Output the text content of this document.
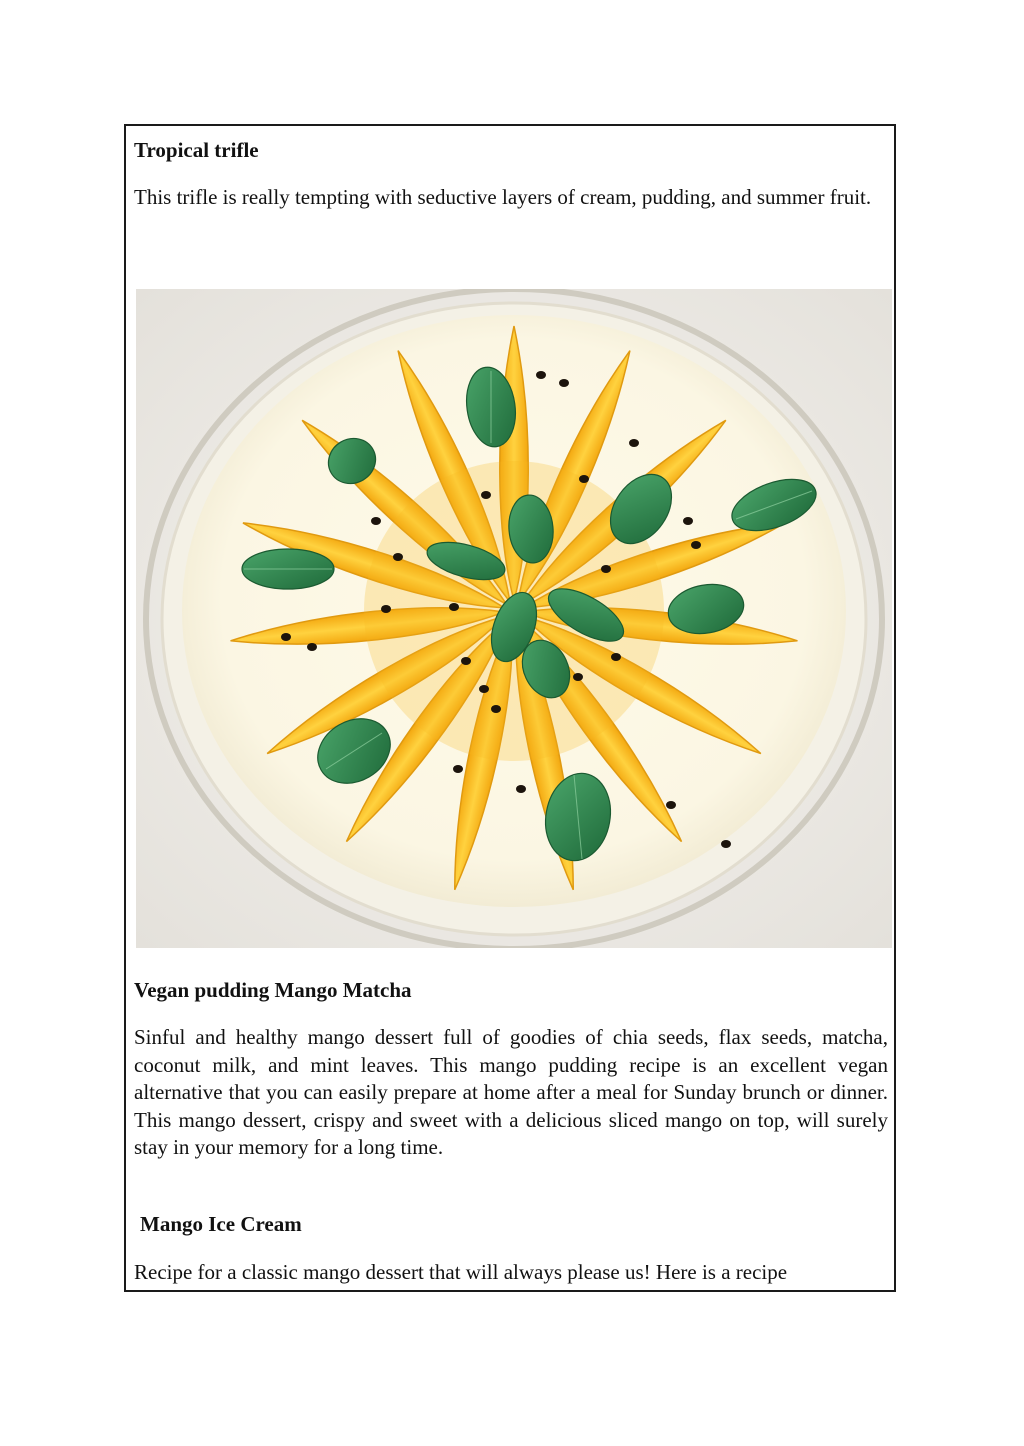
Tropical trifle

This trifle is really tempting with seductive layers of cream, pudding, and summer fruit.

Vegan pudding Mango Matcha

Sinful and healthy mango dessert full of goodies of chia seeds, flax seeds, matcha, coconut milk, and mint leaves. This mango pudding recipe is an excellent vegan alternative that you can easily prepare at home after a meal for Sunday brunch or dinner. This mango dessert, crispy and sweet with a delicious sliced mango on top, will surely stay in your memory for a long time.

Mango Ice Cream

Recipe for a classic mango dessert that will always please us! Here is a recipe
